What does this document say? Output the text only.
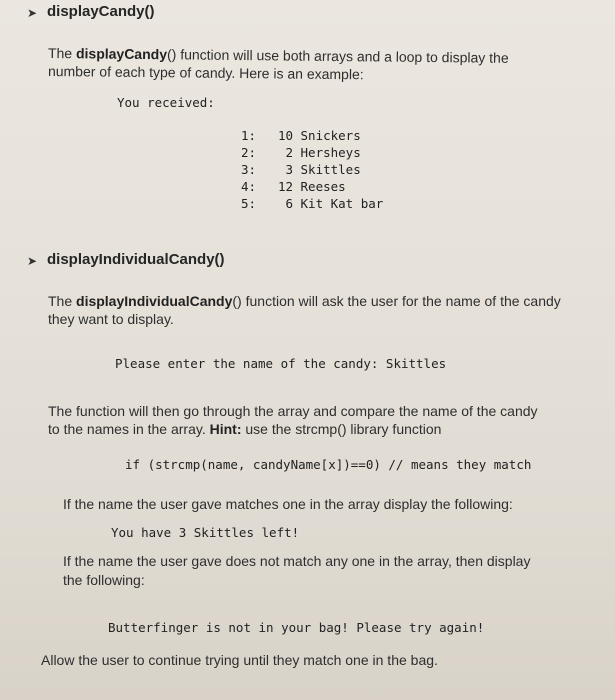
➤ displayCandy()
The displayCandy() function will use both arrays and a loop to display the
number of each type of candy. Here is an example:
You received:
1: 10 Snickers
2: 2 Hersheys
3: 3 Skittles
4: 12 Reeses
5: 6 Kit Kat bar
➤ displayIndividualCandy()
The displayIndividualCandy() function will ask the user for the name of the candy
they want to display.
Please enter the name of the candy: Skittles
The function will then go through the array and compare the name of the candy
to the names in the array. Hint: use the strcmp() library function
if (strcmp(name, candyName[x])==0) // means they match
If the name the user gave matches one in the array display the following:
You have 3 Skittles left!
If the name the user gave does not match any one in the array, then display
the following:
Butterfinger is not in your bag! Please try again!
Allow the user to continue trying until they match one in the bag.
